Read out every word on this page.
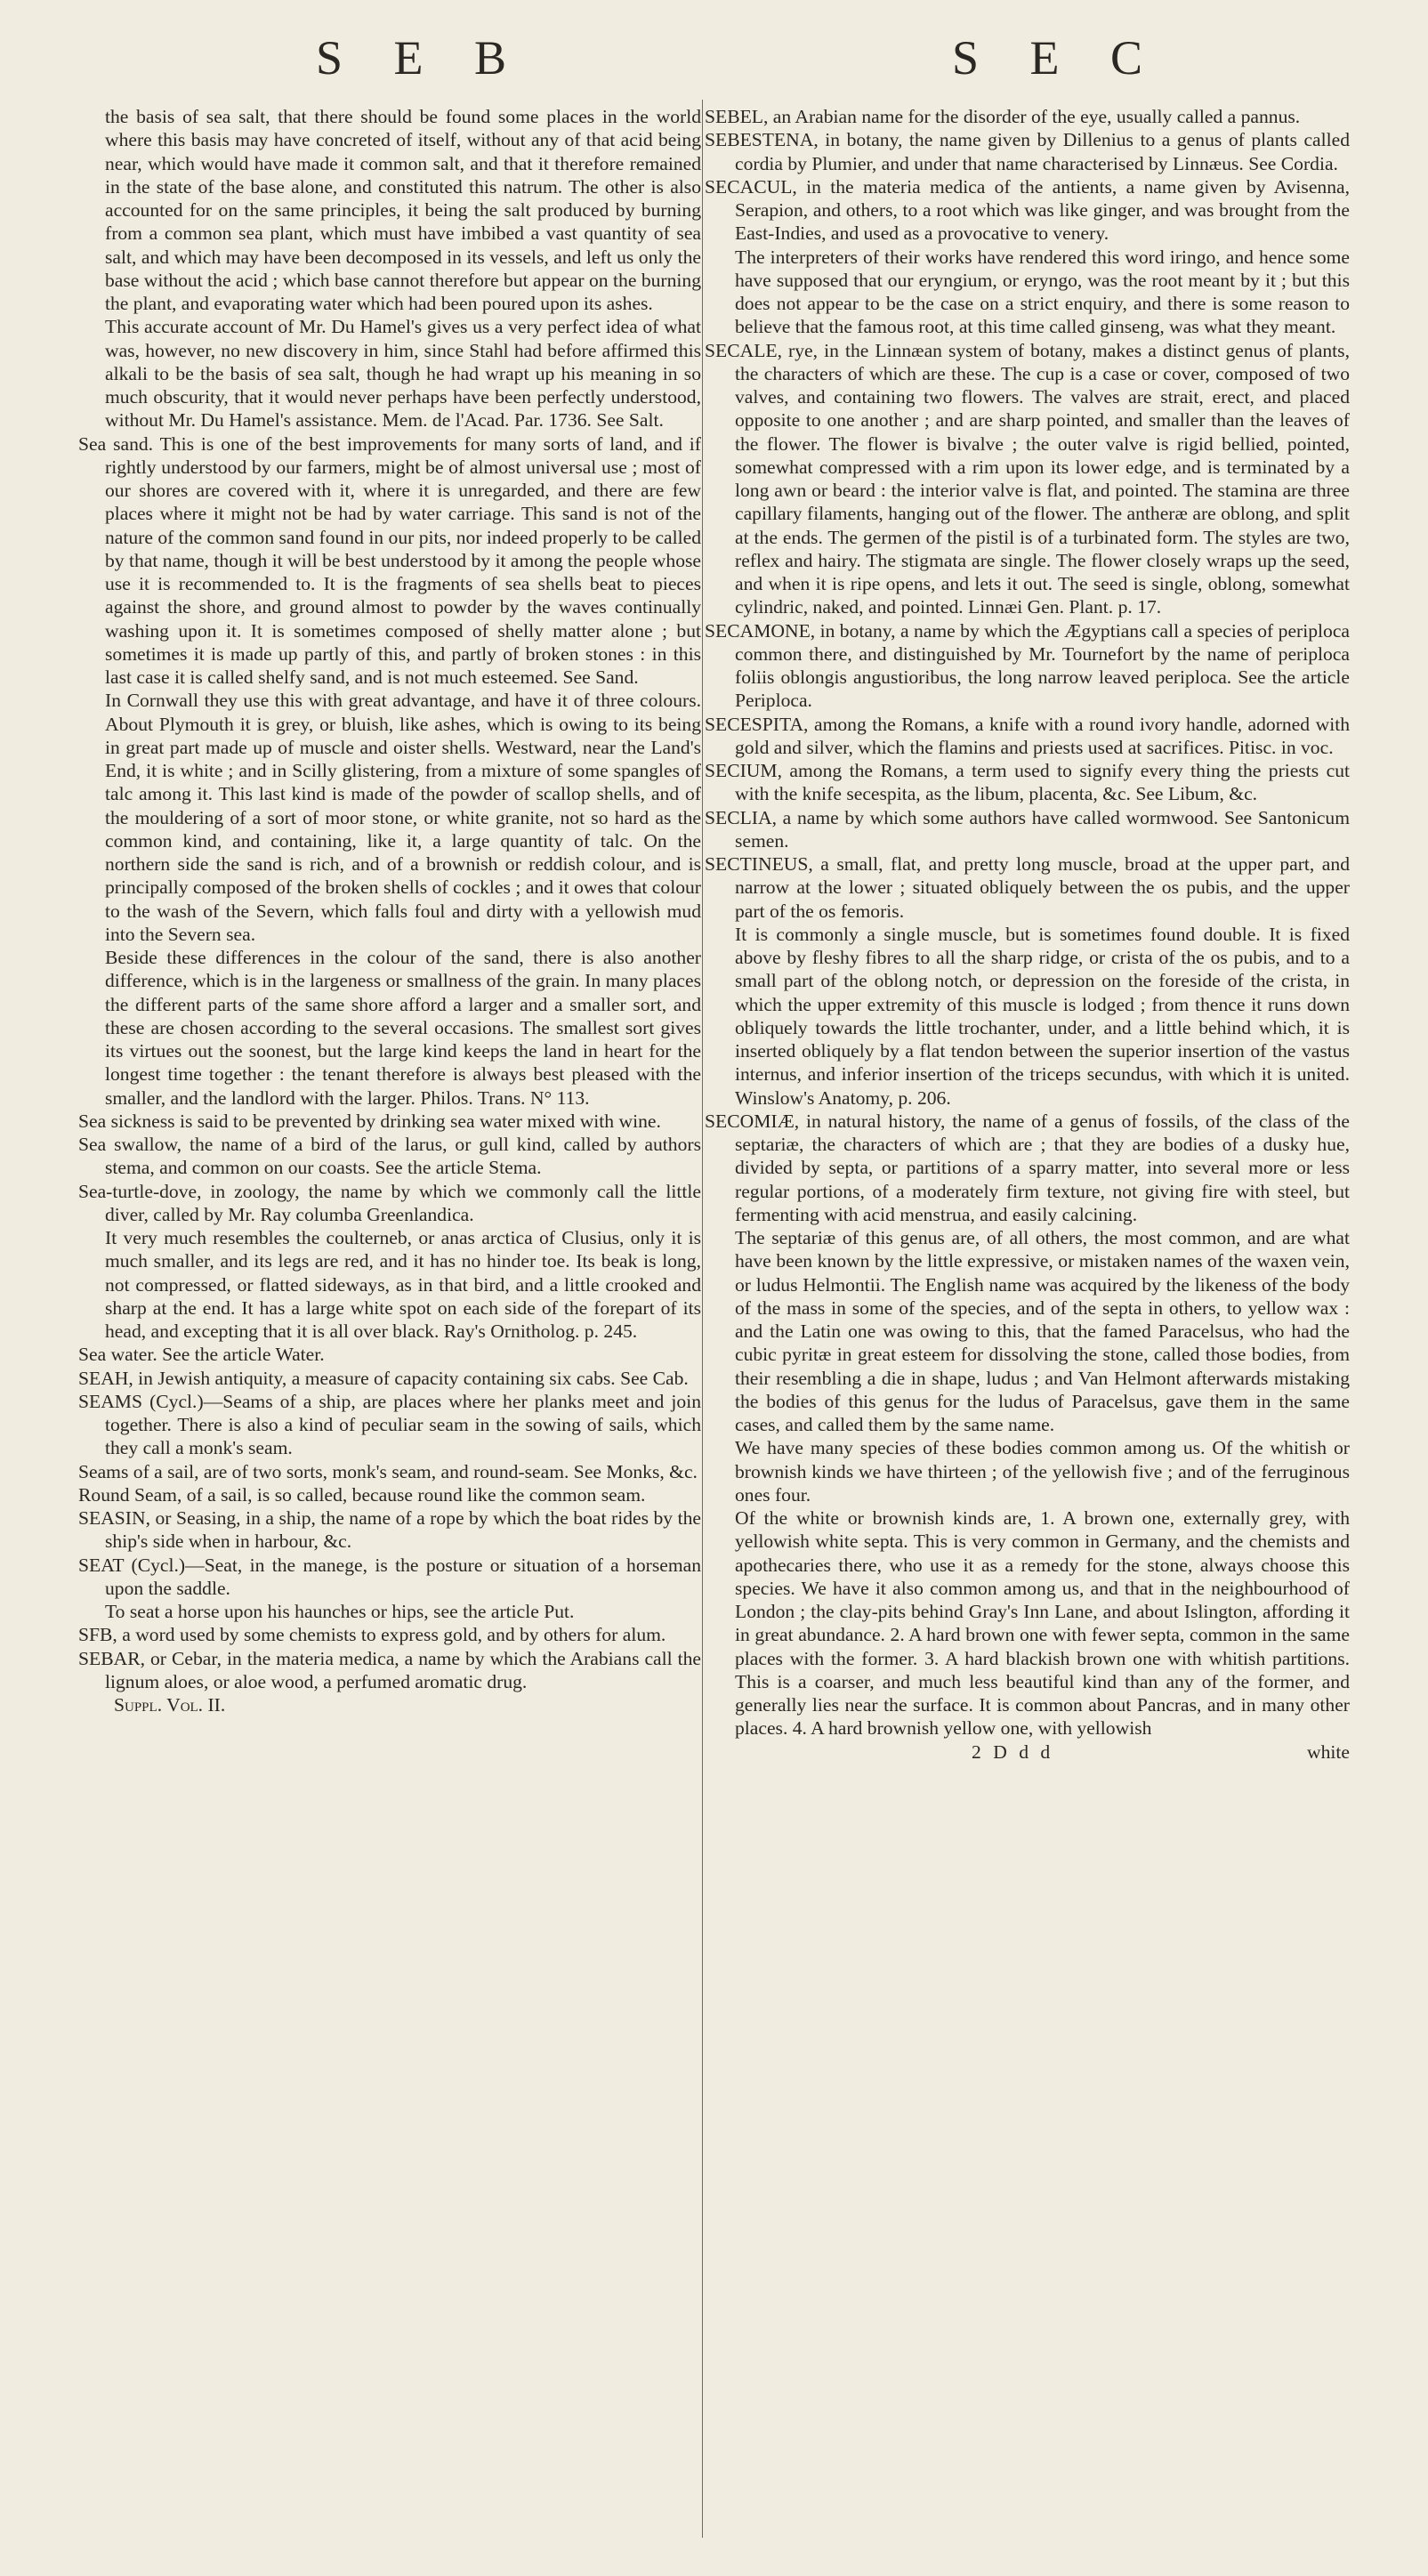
S E B	S E C

the basis of sea salt, that there should be found some places in the world where this basis may have concreted of itself, without any of that acid being near, which would have made it common salt, and that it therefore remained in the state of the base alone, and constituted this natrum. The other is also accounted for on the same principles, it being the salt produced by burning from a common sea plant, which must have imbibed a vast quantity of sea salt, and which may have been decomposed in its vessels, and left us only the base without the acid ; which base cannot therefore but appear on the burning the plant, and evaporating water which had been poured upon its ashes.

This accurate account of Mr. Du Hamel's gives us a very perfect idea of what was, however, no new discovery in him, since Stahl had before affirmed this alkali to be the basis of sea salt, though he had wrapt up his meaning in so much obscurity, that it would never perhaps have been perfectly understood, without Mr. Du Hamel's assistance. Mem. de l'Acad. Par. 1736. See Salt.

Sea sand. This is one of the best improvements for many sorts of land, and if rightly understood by our farmers, might be of almost universal use ; most of our shores are covered with it, where it is unregarded, and there are few places where it might not be had by water carriage. This sand is not of the nature of the common sand found in our pits, nor indeed properly to be called by that name, though it will be best understood by it among the people whose use it is recommended to. It is the fragments of sea shells beat to pieces against the shore, and ground almost to powder by the waves continually washing upon it. It is sometimes composed of shelly matter alone ; but sometimes it is made up partly of this, and partly of broken stones : in this last case it is called shelfy sand, and is not much esteemed. See Sand.

In Cornwall they use this with great advantage, and have it of three colours. About Plymouth it is grey, or bluish, like ashes, which is owing to its being in great part made up of muscle and oister shells. Westward, near the Land's End, it is white ; and in Scilly glistering, from a mixture of some spangles of talc among it. This last kind is made of the powder of scallop shells, and of the mouldering of a sort of moor stone, or white granite, not so hard as the common kind, and containing, like it, a large quantity of talc. On the northern side the sand is rich, and of a brownish or reddish colour, and is principally composed of the broken shells of cockles ; and it owes that colour to the wash of the Severn, which falls foul and dirty with a yellowish mud into the Severn sea.

Beside these differences in the colour of the sand, there is also another difference, which is in the largeness or smallness of the grain. In many places the different parts of the same shore afford a larger and a smaller sort, and these are chosen according to the several occasions. The smallest sort gives its virtues out the soonest, but the large kind keeps the land in heart for the longest time together : the tenant therefore is always best pleased with the smaller, and the landlord with the larger. Philos. Trans. N° 113.

Sea sickness is said to be prevented by drinking sea water mixed with wine.

Sea swallow, the name of a bird of the larus, or gull kind, called by authors stema, and common on our coasts. See the article Stema.

Sea-turtle-dove, in zoology, the name by which we commonly call the little diver, called by Mr. Ray columba Greenlandica.

It very much resembles the coulterneb, or anas arctica of Clusius, only it is much smaller, and its legs are red, and it has no hinder toe. Its beak is long, not compressed, or flatted sideways, as in that bird, and a little crooked and sharp at the end. It has a large white spot on each side of the forepart of its head, and excepting that it is all over black. Ray's Ornitholog. p. 245.

Sea water. See the article Water.

SEAH, in Jewish antiquity, a measure of capacity containing six cabs. See Cab.

SEAMS (Cycl.)—Seams of a ship, are places where her planks meet and join together. There is also a kind of peculiar seam in the sowing of sails, which they call a monk's seam.

Seams of a sail, are of two sorts, monk's seam, and round-seam. See Monks, &c.

Round Seam, of a sail, is so called, because round like the common seam.

SEASIN, or Seasing, in a ship, the name of a rope by which the boat rides by the ship's side when in harbour, &c.

SEAT (Cycl.)—Seat, in the manege, is the posture or situation of a horseman upon the saddle.

To seat a horse upon his haunches or hips, see the article Put.

SFB, a word used by some chemists to express gold, and by others for alum.

SEBAR, or Cebar, in the materia medica, a name by which the Arabians call the lignum aloes, or aloe wood, a perfumed aromatic drug.

Suppl. Vol. II.

SEBEL, an Arabian name for the disorder of the eye, usually called a pannus.

SEBESTENA, in botany, the name given by Dillenius to a genus of plants called cordia by Plumier, and under that name characterised by Linnæus. See Cordia.

SECACUL, in the materia medica of the antients, a name given by Avisenna, Serapion, and others, to a root which was like ginger, and was brought from the East-Indies, and used as a provocative to venery.

The interpreters of their works have rendered this word iringo, and hence some have supposed that our eryngium, or eryngo, was the root meant by it ; but this does not appear to be the case on a strict enquiry, and there is some reason to believe that the famous root, at this time called ginseng, was what they meant.

SECALE, rye, in the Linnæan system of botany, makes a distinct genus of plants, the characters of which are these. The cup is a case or cover, composed of two valves, and containing two flowers. The valves are strait, erect, and placed opposite to one another ; and are sharp pointed, and smaller than the leaves of the flower. The flower is bivalve ; the outer valve is rigid bellied, pointed, somewhat compressed with a rim upon its lower edge, and is terminated by a long awn or beard : the interior valve is flat, and pointed. The stamina are three capillary filaments, hanging out of the flower. The antheræ are oblong, and split at the ends. The germen of the pistil is of a turbinated form. The styles are two, reflex and hairy. The stigmata are single. The flower closely wraps up the seed, and when it is ripe opens, and lets it out. The seed is single, oblong, somewhat cylindric, naked, and pointed. Linnæi Gen. Plant. p. 17.

SECAMONE, in botany, a name by which the Ægyptians call a species of periploca common there, and distinguished by Mr. Tournefort by the name of periploca foliis oblongis angustioribus, the long narrow leaved periploca. See the article Periploca.

SECESPITA, among the Romans, a knife with a round ivory handle, adorned with gold and silver, which the flamins and priests used at sacrifices. Pitisc. in voc.

SECIUM, among the Romans, a term used to signify every thing the priests cut with the knife secespita, as the libum, placenta, &c. See Libum, &c.

SECLIA, a name by which some authors have called wormwood. See Santonicum semen.

SECTINEUS, a small, flat, and pretty long muscle, broad at the upper part, and narrow at the lower ; situated obliquely between the os pubis, and the upper part of the os femoris.

It is commonly a single muscle, but is sometimes found double. It is fixed above by fleshy fibres to all the sharp ridge, or crista of the os pubis, and to a small part of the oblong notch, or depression on the foreside of the crista, in which the upper extremity of this muscle is lodged ; from thence it runs down obliquely towards the little trochanter, under, and a little behind which, it is inserted obliquely by a flat tendon between the superior insertion of the vastus internus, and inferior insertion of the triceps secundus, with which it is united. Winslow's Anatomy, p. 206.

SECOMIÆ, in natural history, the name of a genus of fossils, of the class of the septariæ, the characters of which are ; that they are bodies of a dusky hue, divided by septa, or partitions of a sparry matter, into several more or less regular portions, of a moderately firm texture, not giving fire with steel, but fermenting with acid menstrua, and easily calcining.

The septariæ of this genus are, of all others, the most common, and are what have been known by the little expressive, or mistaken names of the waxen vein, or ludus Helmontii. The English name was acquired by the likeness of the body of the mass in some of the species, and of the septa in others, to yellow wax : and the Latin one was owing to this, that the famed Paracelsus, who had the cubic pyritæ in great esteem for dissolving the stone, called those bodies, from their resembling a die in shape, ludus ; and Van Helmont afterwards mistaking the bodies of this genus for the ludus of Paracelsus, gave them in the same cases, and called them by the same name.

We have many species of these bodies common among us. Of the whitish or brownish kinds we have thirteen ; of the yellowish five ; and of the ferruginous ones four.

Of the white or brownish kinds are, 1. A brown one, externally grey, with yellowish white septa. This is very common in Germany, and the chemists and apothecaries there, who use it as a remedy for the stone, always choose this species. We have it also common among us, and that in the neighbourhood of London ; the clay-pits behind Gray's Inn Lane, and about Islington, affording it in great abundance. 2. A hard brown one with fewer septa, common in the same places with the former. 3. A hard blackish brown one with whitish partitions. This is a coarser, and much less beautiful kind than any of the former, and generally lies near the surface. It is common about Pancras, and in many other places. 4. A hard brownish yellow one, with yellowish

2 D d d	white
